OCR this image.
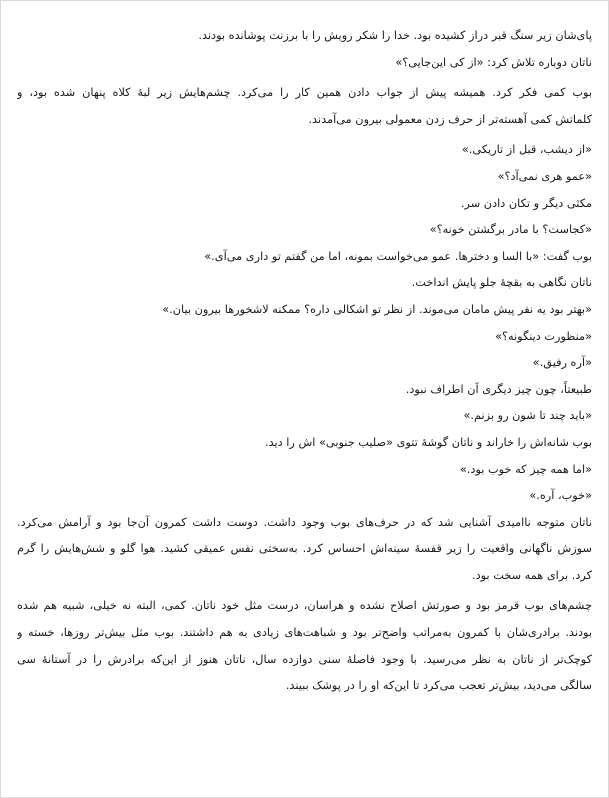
پای‌شان زیر سنگ قبر دراز کشیده بود. خدا را شکر رویش را با برزنت پوشانده بودند.
ناتان دوباره تلاش کرد: «از کی این‌جایی؟»
بوب کمی فکر کرد. همیشه پیش از جواب دادن همین کار را می‌کرد. چشم‌هایش زیر لبهٔ کلاه پنهان شده بود، و
کلماتش کمی آهسته‌تر از حرف زدن معمولی بیرون می‌آمدند.
«از دیشب، قبل از تاریکی.»
«عمو هری نمی‌آد؟»
مکثی دیگر و تکان دادن سر.
«کجاست؟ با مادر برگشتن خونه؟»
بوب گفت: «با السا و دخترها. عمو می‌خواست بمونه، اما من گفتم تو داری می‌آی.»
ناتان نگاهی به بقچهٔ جلو پایش انداخت.
«بهتر بود یه نفر پیش ماما‌ن می‌موند. از نظر تو اشکالی داره؟ ممکنه لاشخورها بیرون بیان.»
«منظورت دینگونه؟»
«آره رفیق.»
طبیعتاً، چون چیز دیگری آن اطراف نبود.
«باید چند تا شون رو بزنم.»
بوب شانه‌اش را خاراند و ناتان گوشهٔ تتوی «صلیب جنوبی» اش را دید.
«اما همه چیز که خوب بود.»
«خوب، آره.»
ناتان متوجه ناامیدی آشنایی شد که در حرف‌های بوب وجود داشت. دوست داشت کمرون آن‌جا بود و آرامش می‌کرد.
سوزش ناگهانی واقعیت را زیر قفسهٔ سینه‌اش احساس کرد. به‌سختی نفس عمیقی کشید. هوا گلو و شش‌هایش را گرم
کرد. برای همه سخت بود.
چشم‌های بوب قرمز بود و صورتش اصلاح نشده و هراسان، درست مثل خود ناتان. کمی، البته نه خیلی، شبیه هم شده
بودند. برادری‌شان با کمرون به‌مراتب واضح‌تر بود و شباهت‌های زیادی به هم داشتند. بوب مثل بیش‌تر روزها، خسته و
کوچک‌تر از ناتان به نظر می‌رسید. با وجود فاصلهٔ سنی دوازده سال، ناتان هنوز از این‌که برادرش را در آستانهٔ سی
سالگی می‌دید، بیش‌تر تعجب می‌کرد تا این‌که او را در پوشک ببیند.
